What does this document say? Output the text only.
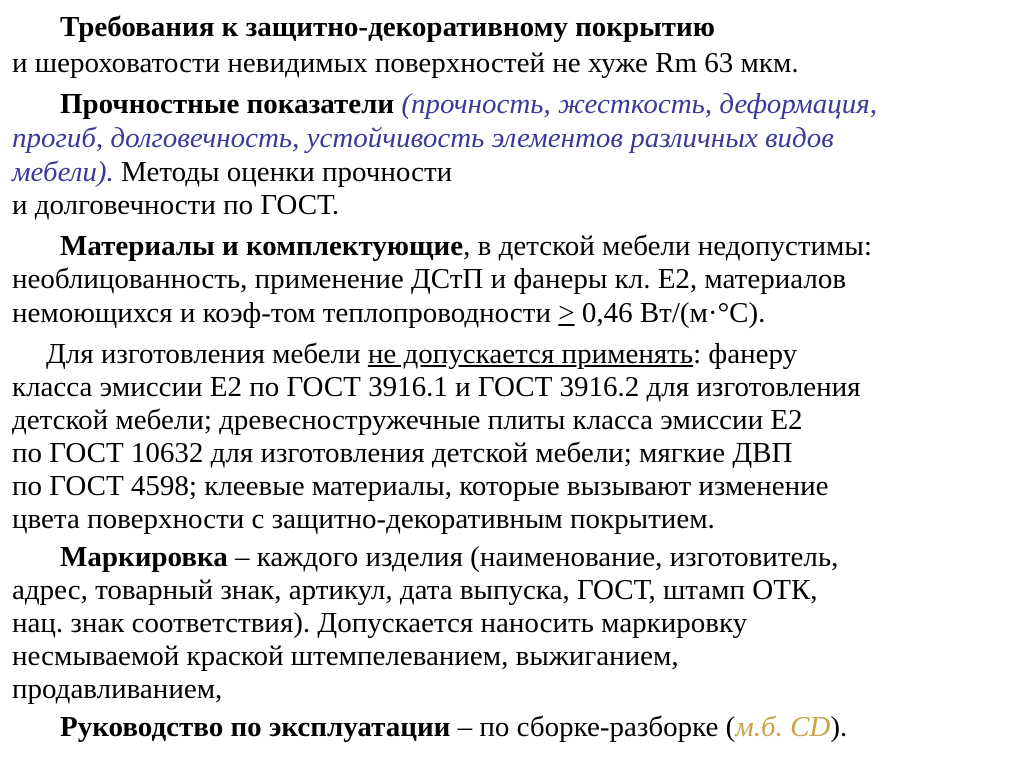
Требования к защитно-декоративному покрытию
и шероховатости невидимых поверхностей не хуже Rm 63 мкм.
Прочностные показатели (прочность, жесткость, деформация,
прогиб, долговечность, устойчивость элементов различных видов
мебели). Методы оценки прочности
и долговечности по ГОСТ.
Материалы и комплектующие, в детской мебели недопустимы:
необлицованность, применение ДСтП и фанеры кл. Е2, материалов
немоющихся и коэф-том теплопроводности ≥ 0,46 Вт/(м·°С).
Для изготовления мебели не допускается применять: фанеру
класса эмиссии Е2 по ГОСТ 3916.1 и ГОСТ 3916.2 для изготовления
детской мебели; древесностружечные плиты класса эмиссии Е2
по ГОСТ 10632 для изготовления детской мебели; мягкие ДВП
по ГОСТ 4598; клеевые материалы, которые вызывают изменение
цвета поверхности с защитно-декоративным покрытием.
Маркировка – каждого изделия (наименование, изготовитель,
адрес, товарный знак, артикул, дата выпуска, ГОСТ, штамп ОТК,
нац. знак соответствия). Допускается наносить маркировку
несмываемой краской штемпелеванием, выжиганием,
продавливанием,
Руководство по эксплуатации – по сборке-разборке (м.б. CD).
